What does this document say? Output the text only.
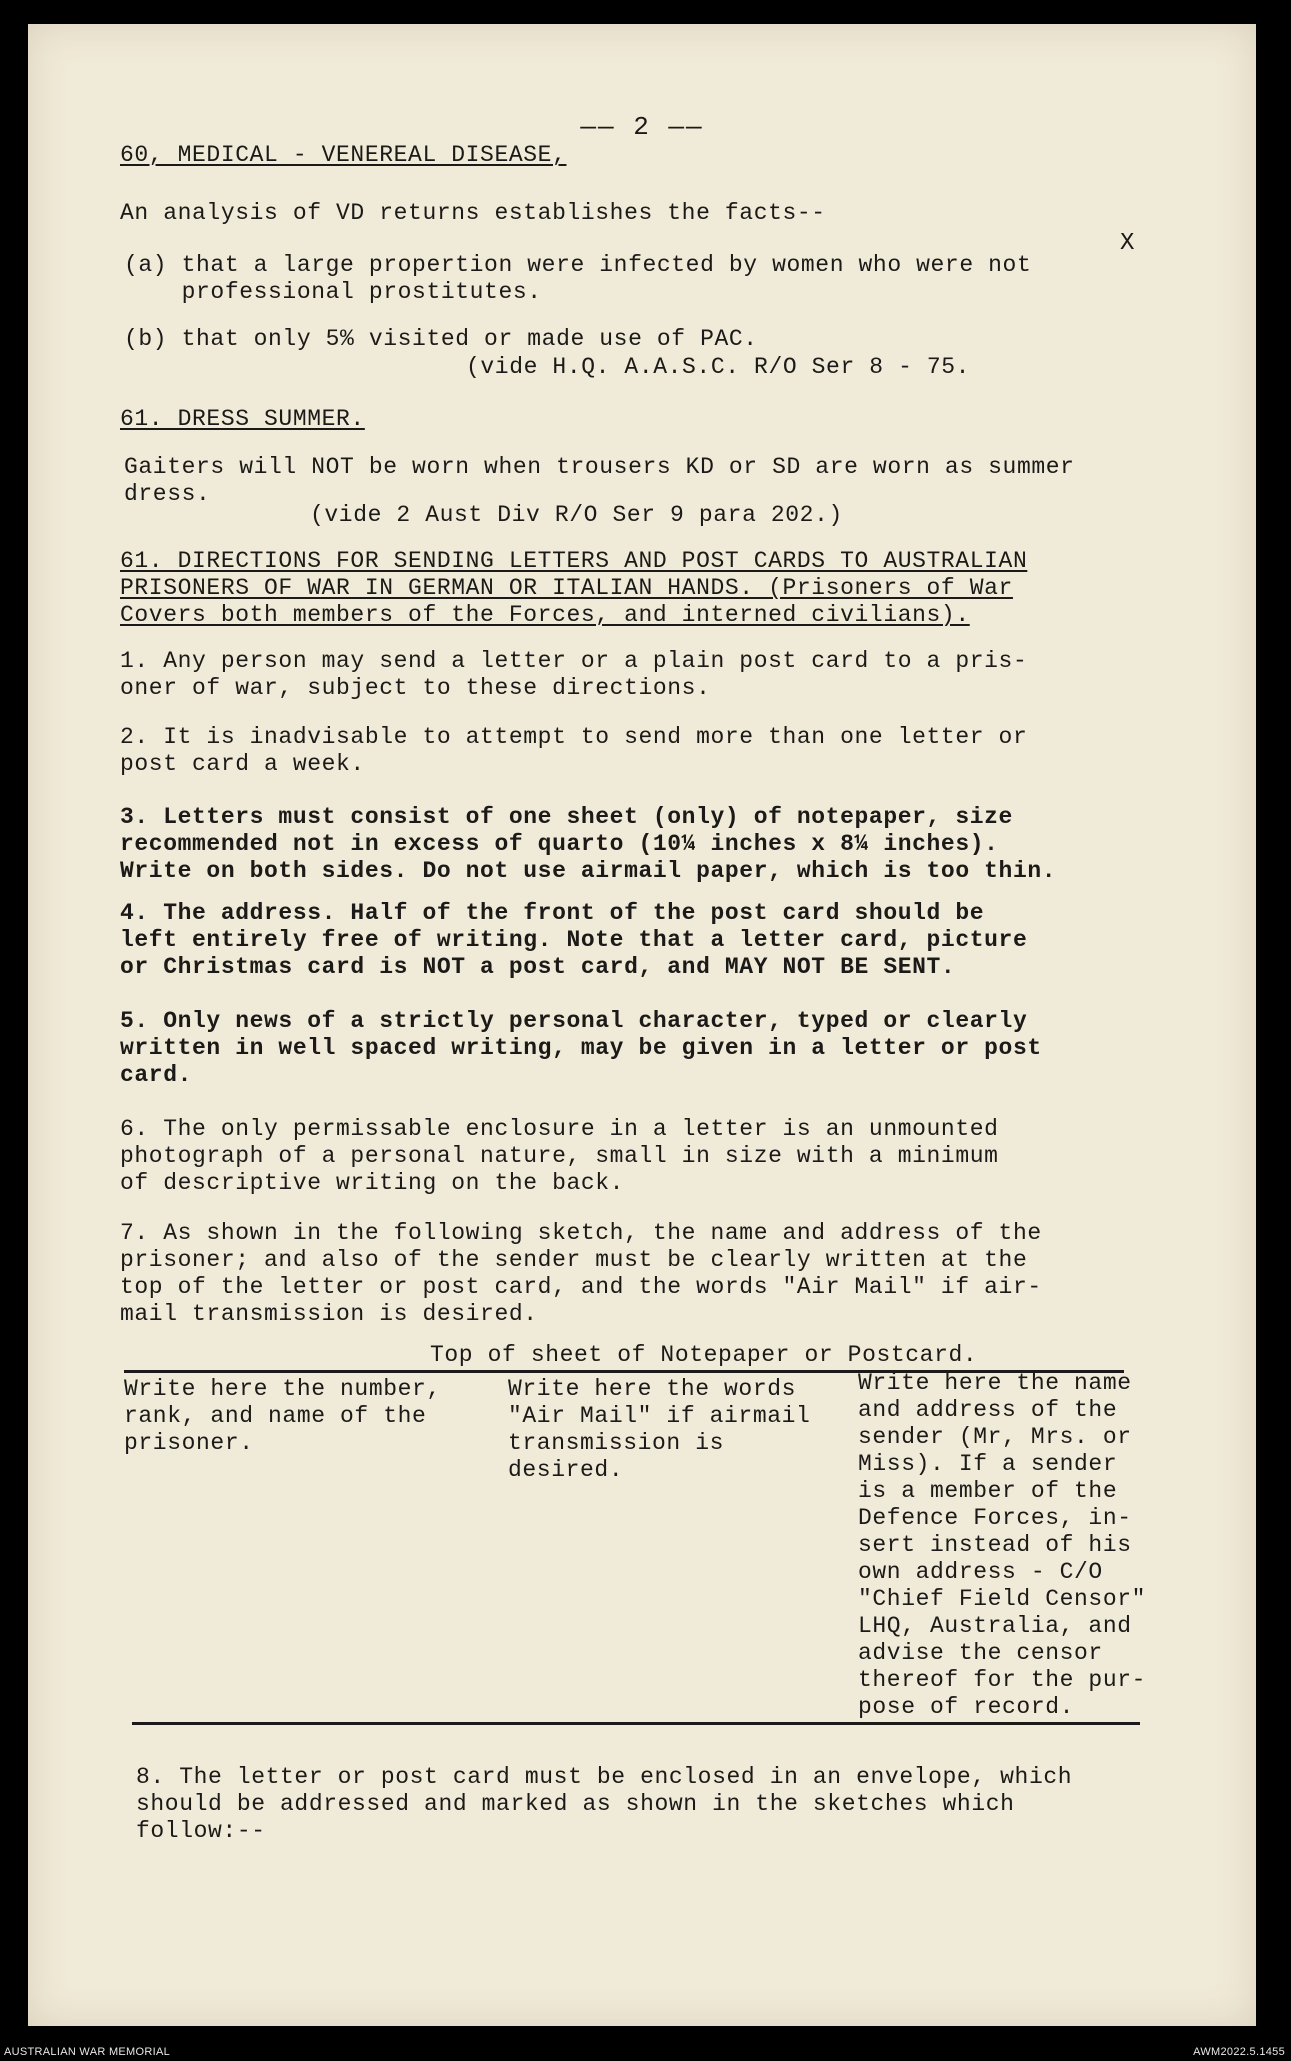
—— 2 ——
60, MEDICAL - VENEREAL DISEASE,
An analysis of VD returns establishes the facts--
(a) that a large propertion were infected by women who were not
professional prostitutes.
(b) that only 5% visited or made use of PAC.
(vide H.Q. A.A.S.C. R/O Ser 8 - 75.
X
61. DRESS SUMMER.
Gaiters will NOT be worn when trousers KD or SD are worn as summer
dress.
(vide 2 Aust Div R/O Ser 9 para 202.)
61. DIRECTIONS FOR SENDING LETTERS AND POST CARDS TO AUSTRALIAN
PRISONERS OF WAR IN GERMAN OR ITALIAN HANDS. (Prisoners of War
Covers both members of the Forces, and interned civilians).
1. Any person may send a letter or a plain post card to a pris-
oner of war, subject to these directions.
2. It is inadvisable to attempt to send more than one letter or
post card a week.
3. Letters must consist of one sheet (only) of notepaper, size
recommended not in excess of quarto (10¼ inches x 8¼ inches).
Write on both sides. Do not use airmail paper, which is too thin.
4. The address. Half of the front of the post card should be
left entirely free of writing. Note that a letter card, picture
or Christmas card is NOT a post card, and MAY NOT BE SENT.
5. Only news of a strictly personal character, typed or clearly
written in well spaced writing, may be given in a letter or post
card.
6. The only permissable enclosure in a letter is an unmounted
photograph of a personal nature, small in size with a minimum
of descriptive writing on the back.
7. As shown in the following sketch, the name and address of the
prisoner; and also of the sender must be clearly written at the
top of the letter or post card, and the words "Air Mail" if air-
mail transmission is desired.
Top of sheet of Notepaper or Postcard.
Write here the number,
rank, and name of the
prisoner.
Write here the words
"Air Mail" if airmail
transmission is
desired.
Write here the name
and address of the
sender (Mr, Mrs. or
Miss). If a sender
is a member of the
Defence Forces, in-
sert instead of his
own address - C/O
"Chief Field Censor"
LHQ, Australia, and
advise the censor
thereof for the pur-
pose of record.
8. The letter or post card must be enclosed in an envelope, which
should be addressed and marked as shown in the sketches which
follow:--
AUSTRALIAN WAR MEMORIAL	AWM2022.5.1455
